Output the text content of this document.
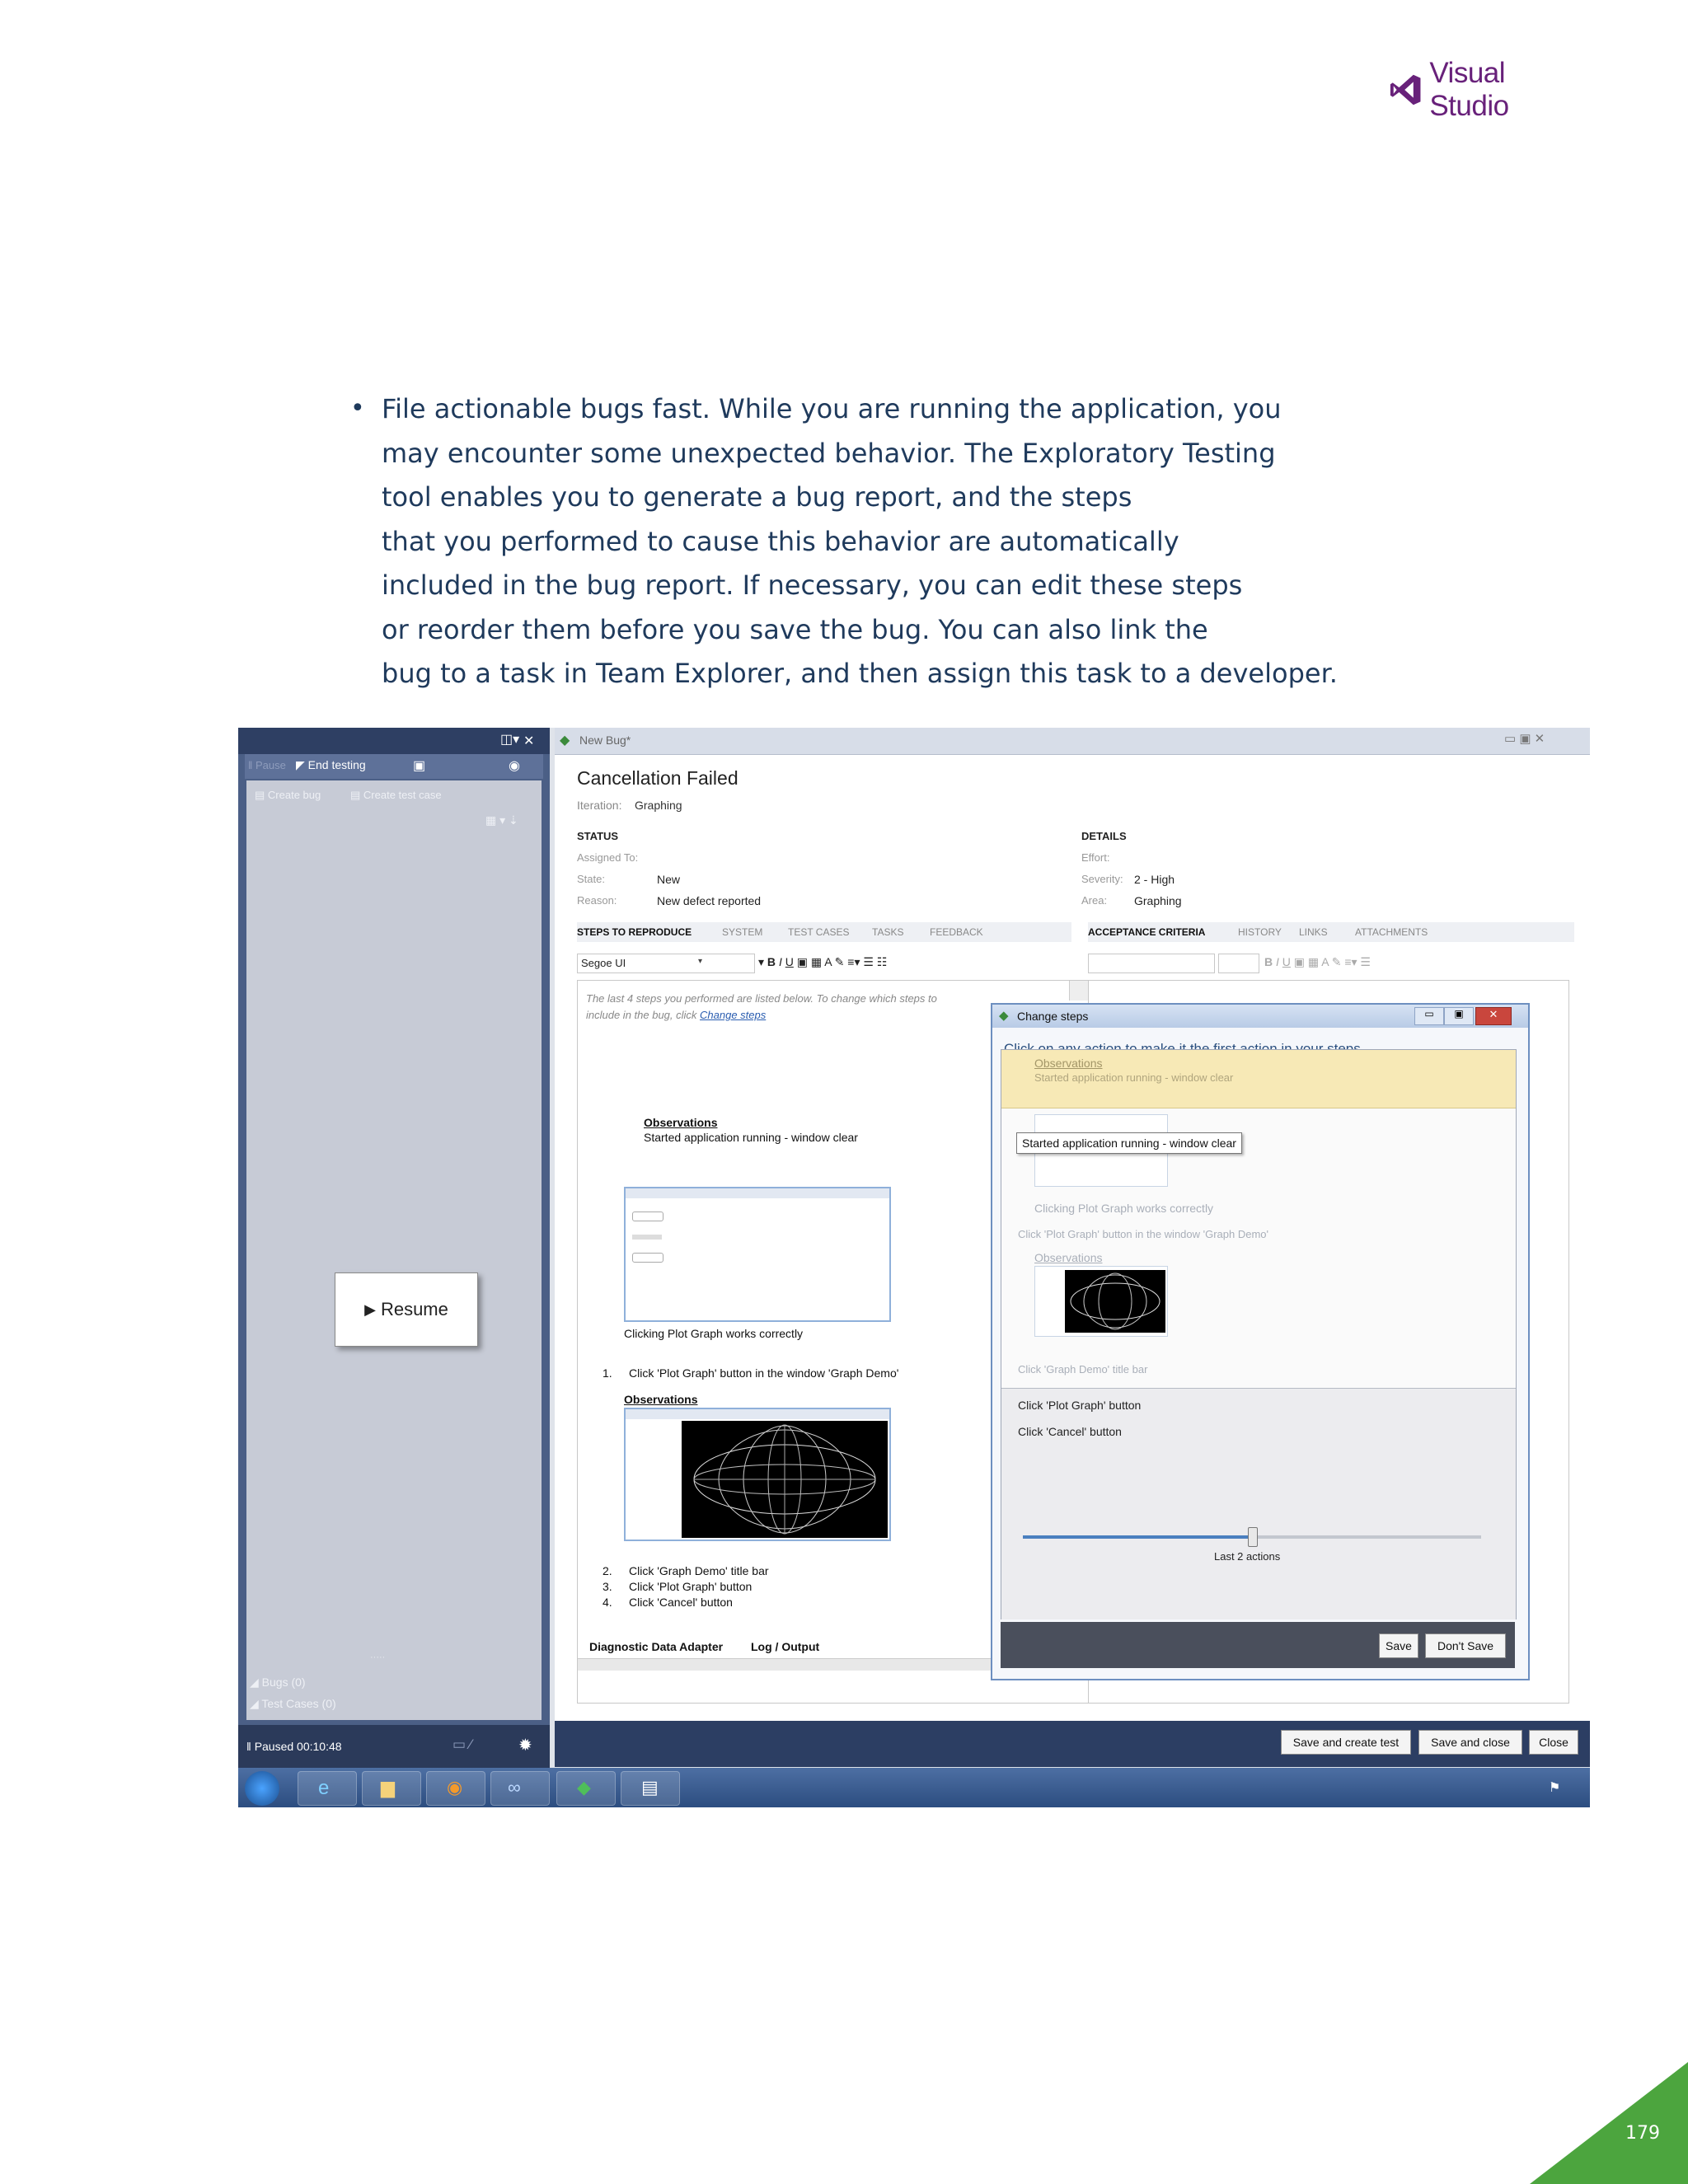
Visual Studio
• File actionable bugs fast. While you are running the application, you
may encounter some unexpected behavior. The Exploratory Testing
tool enables you to generate a bug report, and the steps
that you performed to cause this behavior are automatically
included in the bug report. If necessary, you can edit these steps
or reorder them before you save the bug. You can also link the
bug to a task in Team Explorer, and then assign this task to a developer.
✕
◫▾
‖ Pause ◤ End testing	▣	◉
▤ Create bug	▤ Create test case
▦ ▾ ⇣
▶ Resume
·····
◢ Bugs (0)
◢ Test Cases (0)
‖ Paused 00:10:48	▭ ⁄	✹
◆ New Bug*	▭ ▣ ✕
Cancellation Failed
Iteration: Graphing
STATUS
Assigned To:
State:	New
Reason:	New defect reported
DETAILS
Effort:
Severity: 2 - High
Area: Graphing
STEPS TO REPRODUCE	SYSTEM	TEST CASES TASKS	FEEDBACK	ACCEPTANCE CRITERIA	HISTORY LINKS	ATTACHMENTS
Segoe UI	▾	▾ B I U ▣ ▦ A ✎ ≡▾ ☰ ☷	B I U ▣ ▦ A ✎ ≡▾ ☰
The last 4 steps you performed are listed below. To change which steps to
include in the bug, click Change steps
Observations
Started application running - window clear
Clicking Plot Graph works correctly
1. Click 'Plot Graph' button in the window 'Graph Demo'
Observations
2. Click 'Graph Demo' title bar
3. Click 'Plot Graph' button
4. Click 'Cancel' button
Diagnostic Data Adapter Log / Output
Save and create test	Save and close	Close
◆ Change steps	▭	▣	✕
Observations
Started application running - window clear
Started application running - window clear
Clicking Plot Graph works correctly
Click 'Plot Graph' button in the window 'Graph Demo'
Observations
Click 'Graph Demo' title bar
Click 'Plot Graph' button
Click 'Cancel' button
Last 2 actions
Save	Don't Save
e	▆	◉ ∞	◆	▤	⚑
179
